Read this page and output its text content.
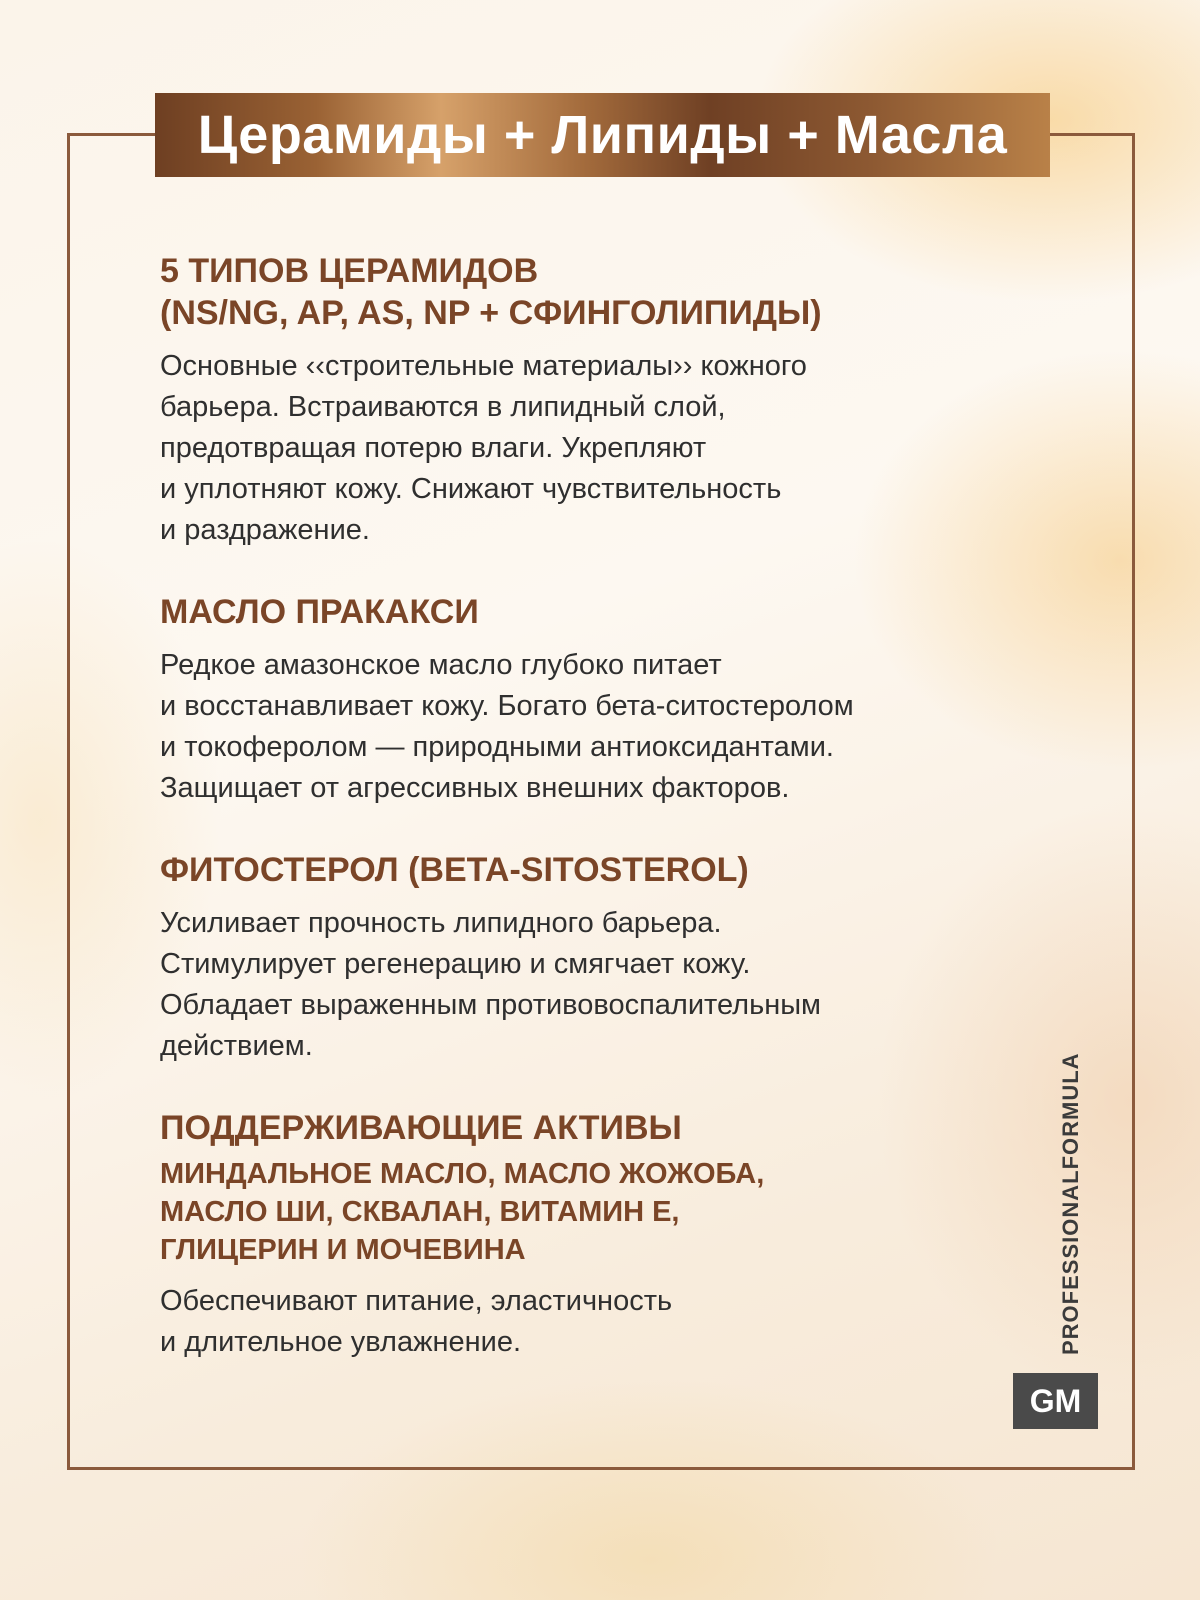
Церамиды + Липиды + Масла
5 ТИПОВ ЦЕРАМИДОВ
(NS/NG, AP, AS, NP + СФИНГОЛИПИДЫ)

Основные ‹‹строительные материалы›› кожного
барьера. Встраиваются в липидный слой,
предотвращая потерю влаги. Укрепляют
и уплотняют кожу. Снижают чувствительность
и раздражение.

МАСЛО ПРАКАКСИ

Редкое амазонское масло глубоко питает
и восстанавливает кожу. Богато бета-ситостеролом
и токоферолом — природными антиоксидантами.
Защищает от агрессивных внешних факторов.

ФИТОСТЕРОЛ (BETA-SITOSTEROL)

Усиливает прочность липидного барьера.
Стимулирует регенерацию и смягчает кожу.
Обладает выраженным противовоспалительным
действием.

ПОДДЕРЖИВАЮЩИЕ АКТИВЫ
МИНДАЛЬНОЕ МАСЛО, МАСЛО ЖОЖОБА,
МАСЛО ШИ, СКВАЛАН, ВИТАМИН Е,
ГЛИЦЕРИН И МОЧЕВИНА

Обеспечивают питание, эластичность
и длительное увлажнение.	PROFESSIONALFORMULA
GM
